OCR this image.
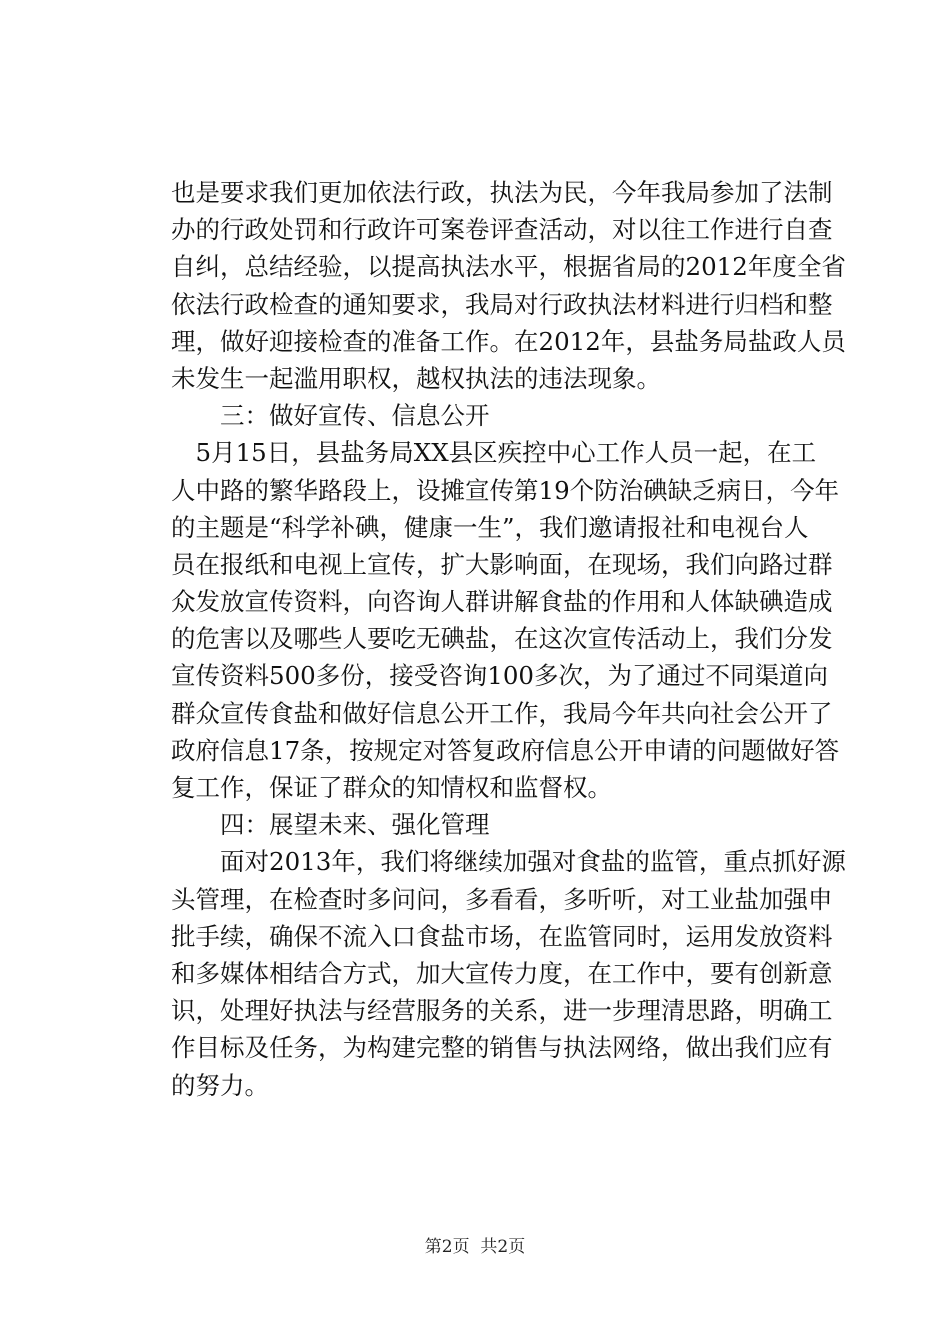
也是要求我们更加依法行政，执法为民，今年我局参加了法制
办的行政处罚和行政许可案卷评查活动，对以往工作进行自查
自纠，总结经验，以提高执法水平，根据省局的2012年度全省
依法行政检查的通知要求，我局对行政执法材料进行归档和整
理，做好迎接检查的准备工作。在2012年，县盐务局盐政人员
未发生一起滥用职权，越权执法的违法现象。
　　三：做好宣传、信息公开
　5月15日，县盐务局XX县区疾控中心工作人员一起，在工
人中路的繁华路段上，设摊宣传第19个防治碘缺乏病日，今年
的主题是“科学补碘，健康一生”，我们邀请报社和电视台人
员在报纸和电视上宣传，扩大影响面，在现场，我们向路过群
众发放宣传资料，向咨询人群讲解食盐的作用和人体缺碘造成
的危害以及哪些人要吃无碘盐，在这次宣传活动上，我们分发
宣传资料500多份，接受咨询100多次，为了通过不同渠道向
群众宣传食盐和做好信息公开工作，我局今年共向社会公开了
政府信息17条，按规定对答复政府信息公开申请的问题做好答
复工作，保证了群众的知情权和监督权。
　　四：展望未来、强化管理
　　面对2013年，我们将继续加强对食盐的监管，重点抓好源
头管理，在检查时多问问，多看看，多听听，对工业盐加强申
批手续，确保不流入口食盐市场，在监管同时，运用发放资料
和多媒体相结合方式，加大宣传力度，在工作中，要有创新意
识，处理好执法与经营服务的关系，进一步理清思路，明确工
作目标及任务，为构建完整的销售与执法网络，做出我们应有
的努力。
第2页  共2页
